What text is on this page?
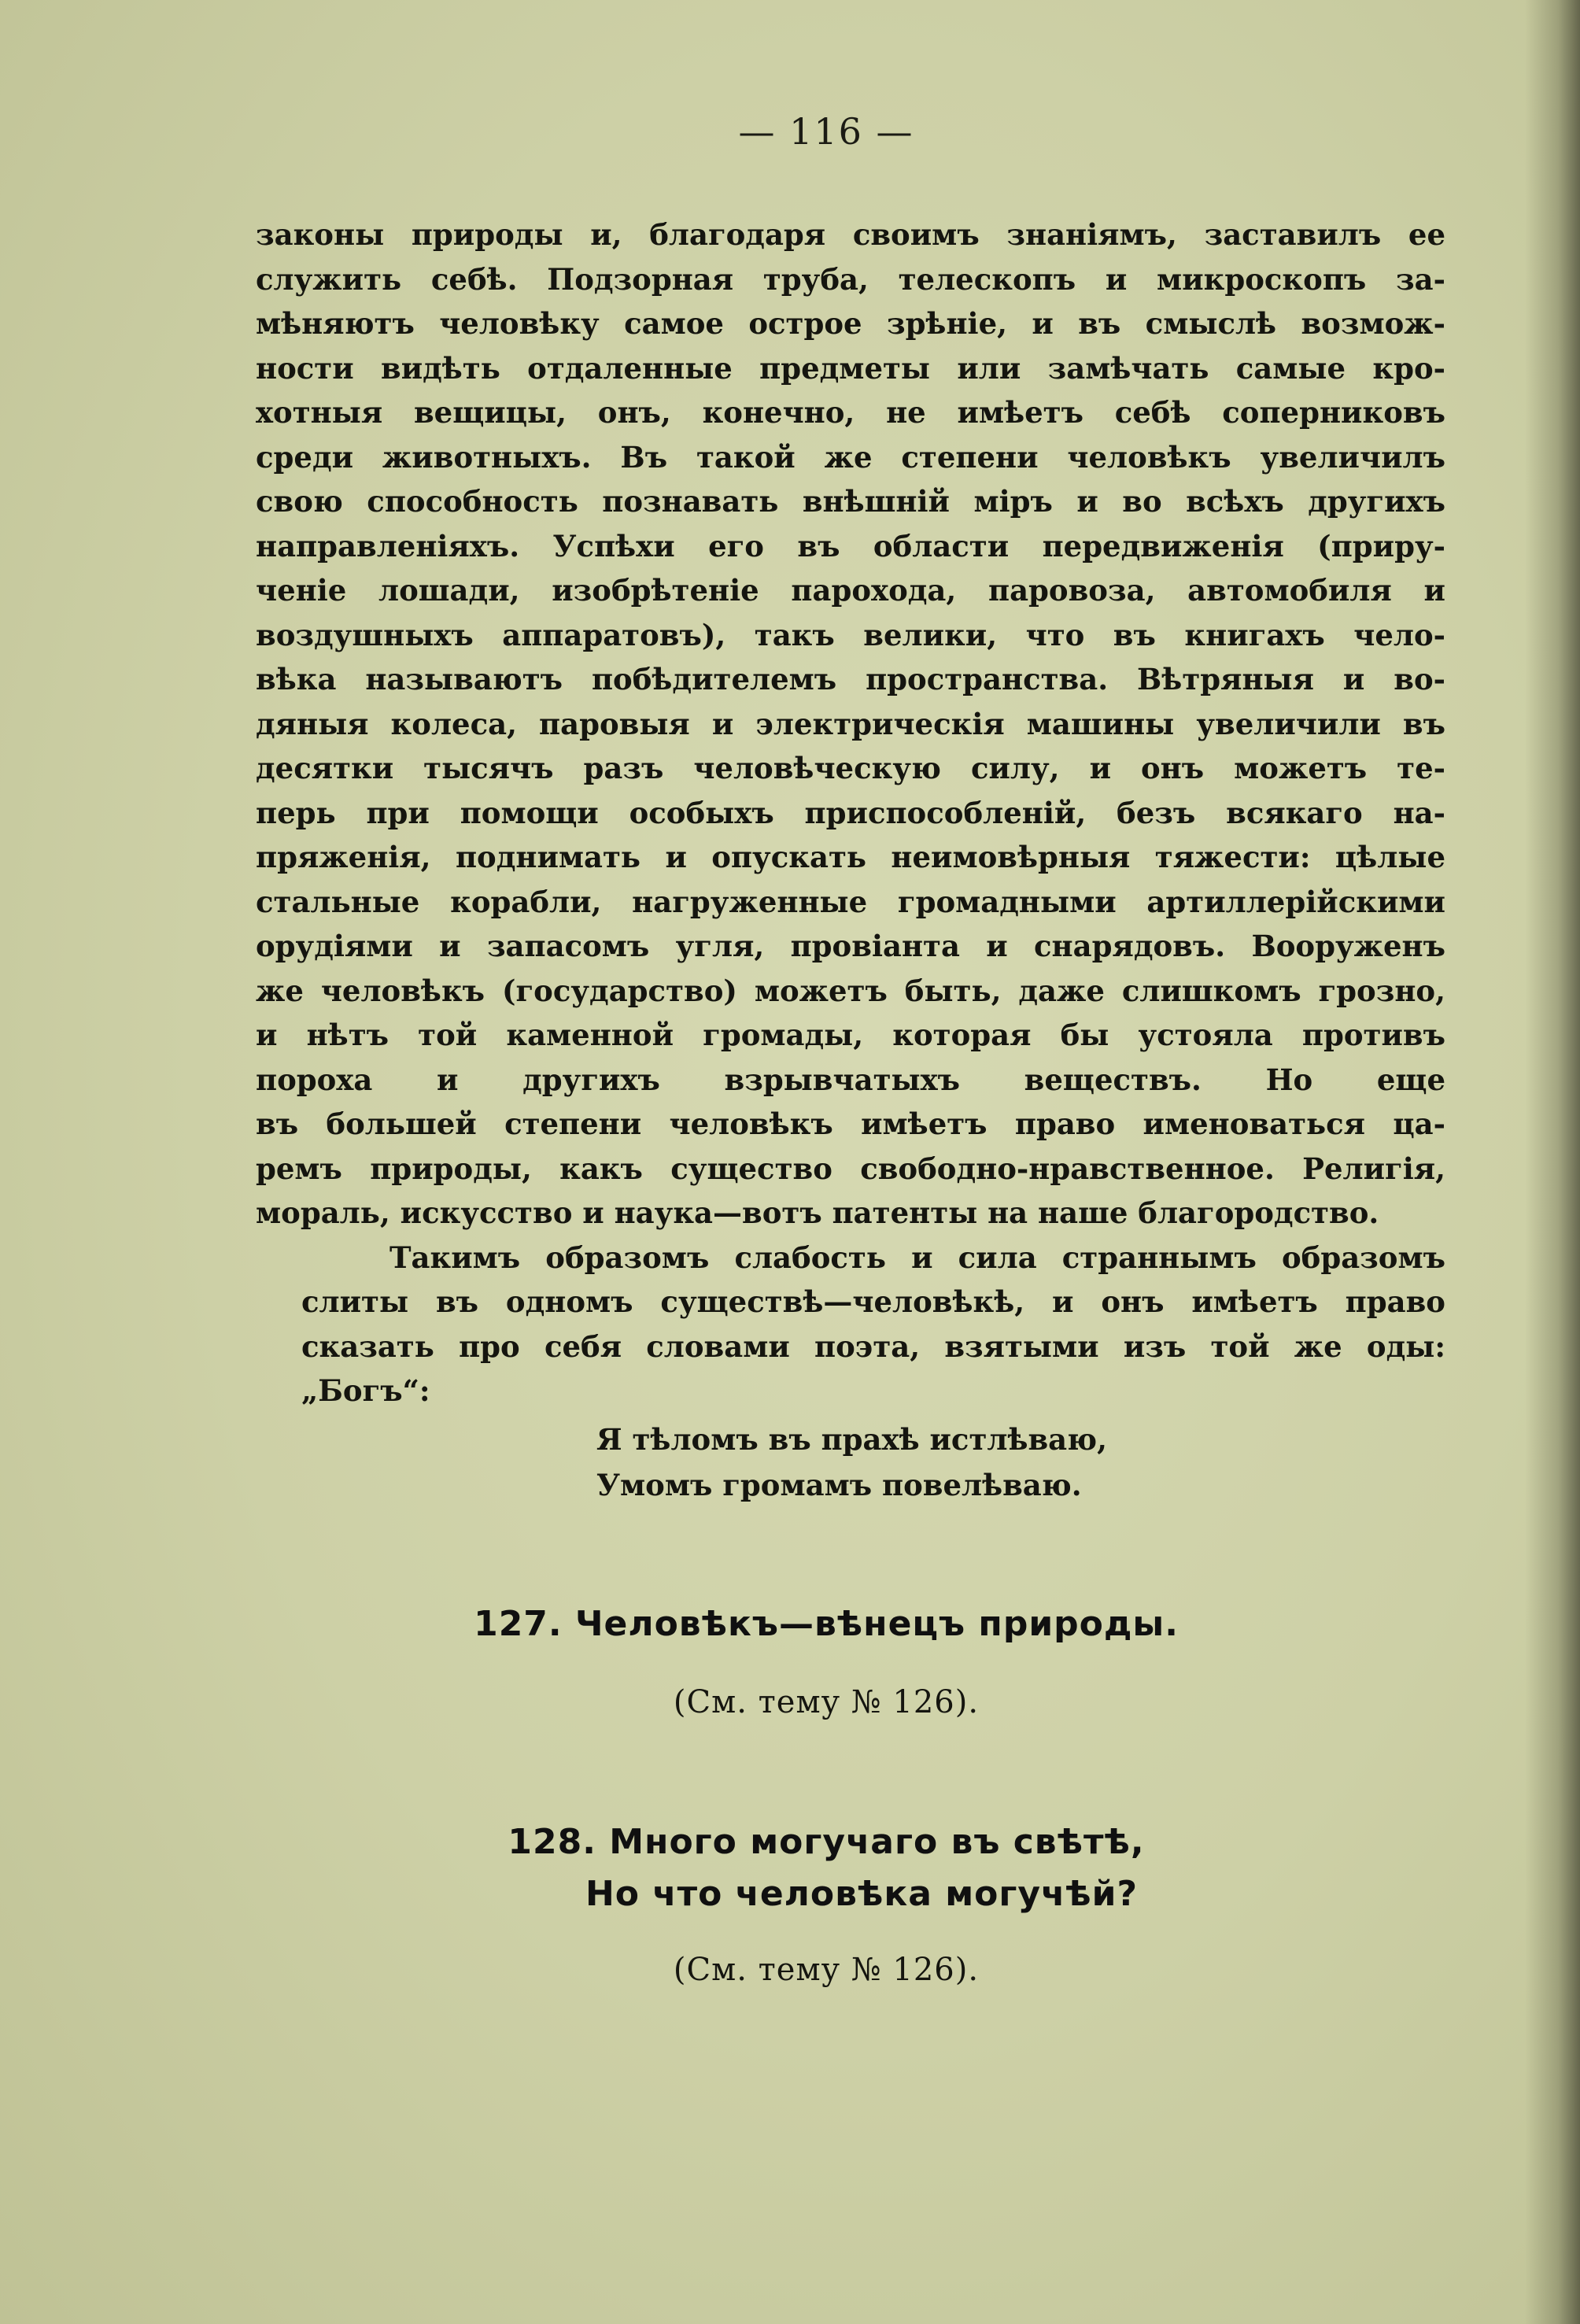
— 116 —
законы природы и, благодаря своимъ знаніямъ, заставилъ ее
служить себѣ. Подзорная труба, телескопъ и микроскопъ за-
мѣняютъ человѣку самое острое зрѣніе, и въ смыслѣ возмож-
ности видѣть отдаленные предметы или замѣчать самые кро-
хотныя вещицы, онъ, конечно, не имѣетъ себѣ соперниковъ
среди животныхъ. Въ такой же степени человѣкъ увеличилъ
свою способность познавать внѣшній міръ и во всѣхъ другихъ
направленіяхъ. Успѣхи его въ области передвиженія (приру-
ченіе лошади, изобрѣтеніе парохода, паровоза, автомобиля и
воздушныхъ аппаратовъ), такъ велики, что въ книгахъ чело-
вѣка называютъ побѣдителемъ пространства. Вѣтряныя и во-
дяныя колеса, паровыя и электрическія машины увеличили въ
десятки тысячъ разъ человѣческую силу, и онъ можетъ те-
перь при помощи особыхъ приспособленій, безъ всякаго на-
пряженія, поднимать и опускать неимовѣрныя тяжести: цѣлые
стальные корабли, нагруженные громадными артиллерійскими
орудіями и запасомъ угля, провіанта и снарядовъ. Вооруженъ
же человѣкъ (государство) можетъ быть, даже слишкомъ грозно,
и нѣтъ той каменной громады, которая бы устояла противъ
пороха и другихъ взрывчатыхъ веществъ. Но еще
въ большей степени человѣкъ имѣетъ право именоваться ца-
ремъ природы, какъ существо свободно-нравственное. Религія,
мораль, искусство и наука—вотъ патенты на наше благородство.
Такимъ образомъ слабость и сила страннымъ образомъ
слиты въ одномъ существѣ—человѣкѣ, и онъ имѣетъ право
сказать про себя словами поэта, взятыми изъ той же оды:
„Богъ“:
Я тѣломъ въ прахѣ истлѣваю,
Умомъ громамъ повелѣваю.
127. Человѣкъ—вѣнецъ природы.
(См. тему № 126).
128. Много могучаго въ свѣтѣ,
Но что человѣка могучѣй?
(См. тему № 126).
